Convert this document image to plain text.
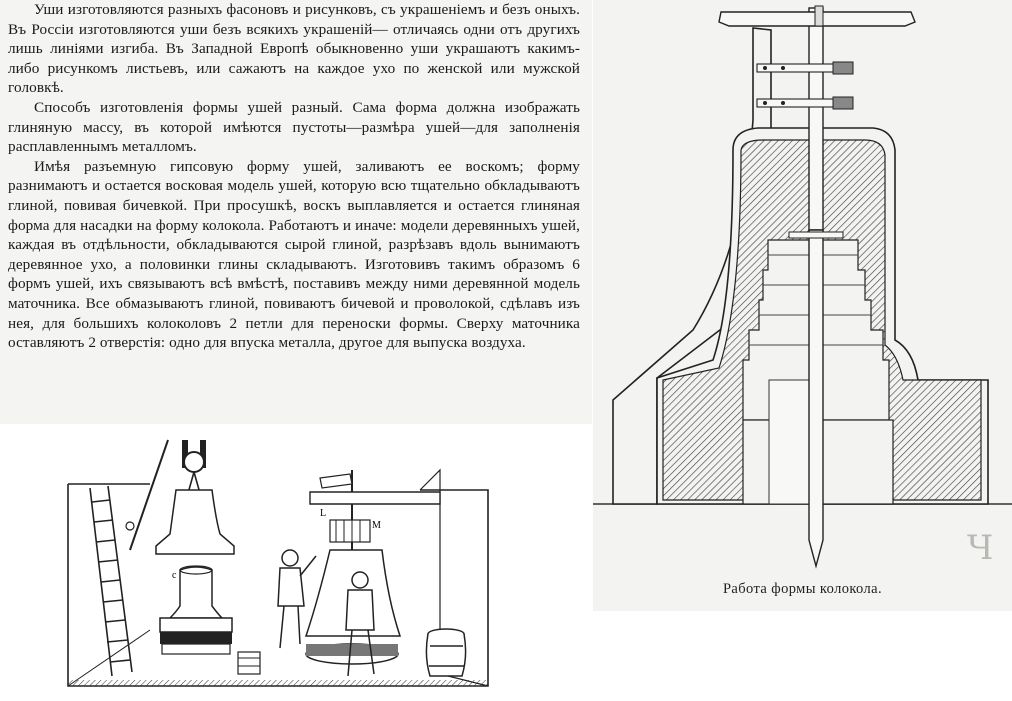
Уши изготовляются разныхъ фасоновъ и рисунковъ, съ украшеніемъ и безъ оныхъ. Въ Россіи изготовляются уши безъ всякихъ украшеній— отличаясь одни отъ другихъ лишь линіями изгиба. Въ Западной Европѣ обыкновенно уши украшаютъ какимъ-либо рисункомъ листьевъ, или сажаютъ на каждое ухо по женской или мужской головкѣ.

Способъ изготовленія формы ушей разный. Сама форма должна изображать глиняную массу, въ которой имѣются пустоты—размѣра ушей—для заполненія расплавленнымъ металломъ.

Имѣя разъемную гипсовую форму ушей, заливаютъ ее воскомъ; форму разнимаютъ и остается восковая модель ушей, которую всю тщательно обкладываютъ глиной, повивая бичевкой. При просушкѣ, воскъ выплавляется и остается глиняная форма для насадки на форму колокола. Работаютъ и иначе: модели деревянныхъ ушей, каждая въ отдѣльности, обкладываются сырой глиной, разрѣзавъ вдоль вынимаютъ деревянное ухо, а половинки глины складываютъ. Изготовивъ такимъ образомъ 6 формъ ушей, ихъ связываютъ всѣ вмѣстѣ, поставивъ между ними деревянной модель маточника. Все обмазываютъ глиной, повиваютъ бичевой и проволокой, сдѣлавъ изъ нея, для большихъ колоколовъ 2 петли для переноски формы. Сверху маточника оставляютъ 2 отверстія: одно для впуска металла, другое для выпуска воздуха.

Работа формы колокола.
Ч
c
L
M
